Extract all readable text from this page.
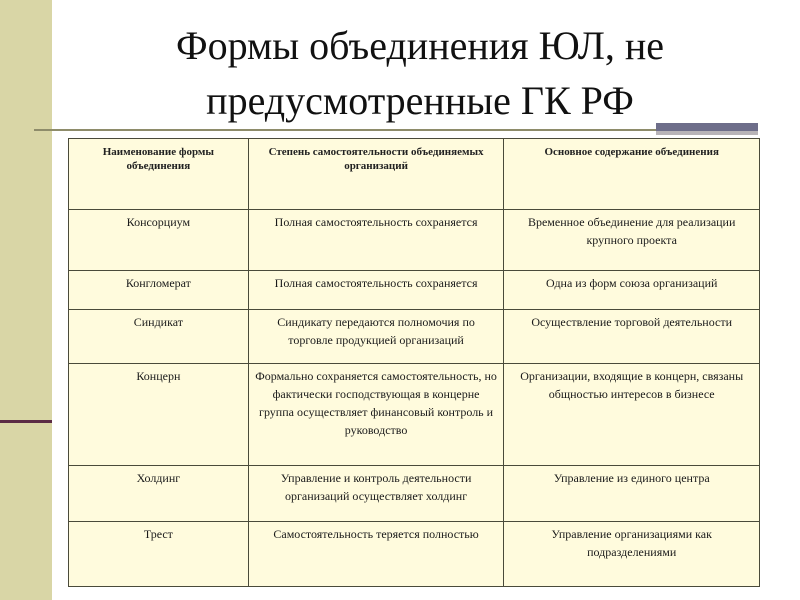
Формы объединения ЮЛ, не
предусмотренные ГК РФ
Наименование формы объединения	Степень самостоятельности объединяемых организаций	Основное содержание объединения
Консорциум	Полная самостоятельность сохраняется	Временное объединение для реализации крупного проекта
Конгломерат	Полная самостоятельность сохраняется	Одна из форм союза организаций
Синдикат	Синдикату передаются полномочия по торговле продукцией организаций	Осуществление торговой деятельности
Концерн	Формально сохраняется самостоятельность, но фактически господствующая в концерне группа осуществляет финансовый контроль и руководство	Организации, входящие в концерн, связаны общностью интересов в бизнесе
Холдинг	Управление и контроль деятельности организаций осуществляет холдинг	Управление из единого центра
Трест	Самостоятельность теряется полностью	Управление организациями как подразделениями
